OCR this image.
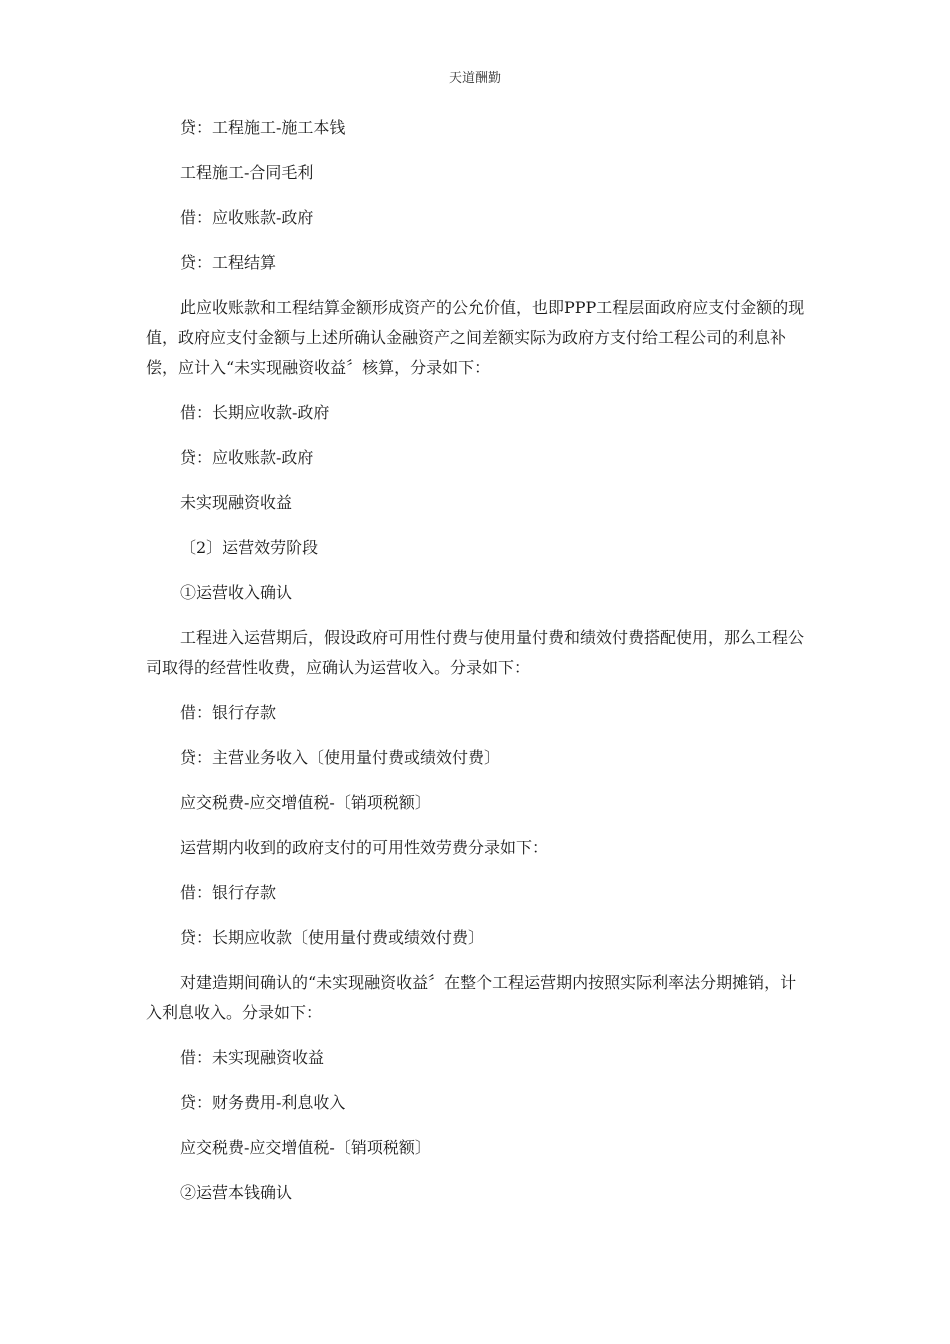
天道酬勤

贷：工程施工-施工本钱

工程施工-合同毛利

借：应收账款-政府

贷：工程结算

此应收账款和工程结算金额形成资产的公允价值，也即PPP工程层面政府应支付金额的现值，政府应支付金额与上述所确认金融资产之间差额实际为政府方支付给工程公司的利息补偿，应计入“未实现融资收益〞核算，分录如下：

借：长期应收款-政府

贷：应收账款-政府

未实现融资收益

〔2〕运营效劳阶段

①运营收入确认

工程进入运营期后，假设政府可用性付费与使用量付费和绩效付费搭配使用，那么工程公司取得的经营性收费，应确认为运营收入。分录如下：

借：银行存款

贷：主营业务收入〔使用量付费或绩效付费〕

应交税费-应交增值税-〔销项税额〕

运营期内收到的政府支付的可用性效劳费分录如下：

借：银行存款

贷：长期应收款〔使用量付费或绩效付费〕

对建造期间确认的“未实现融资收益〞在整个工程运营期内按照实际利率法分期摊销，计入利息收入。分录如下：

借：未实现融资收益

贷：财务费用-利息收入

应交税费-应交增值税-〔销项税额〕

②运营本钱确认
